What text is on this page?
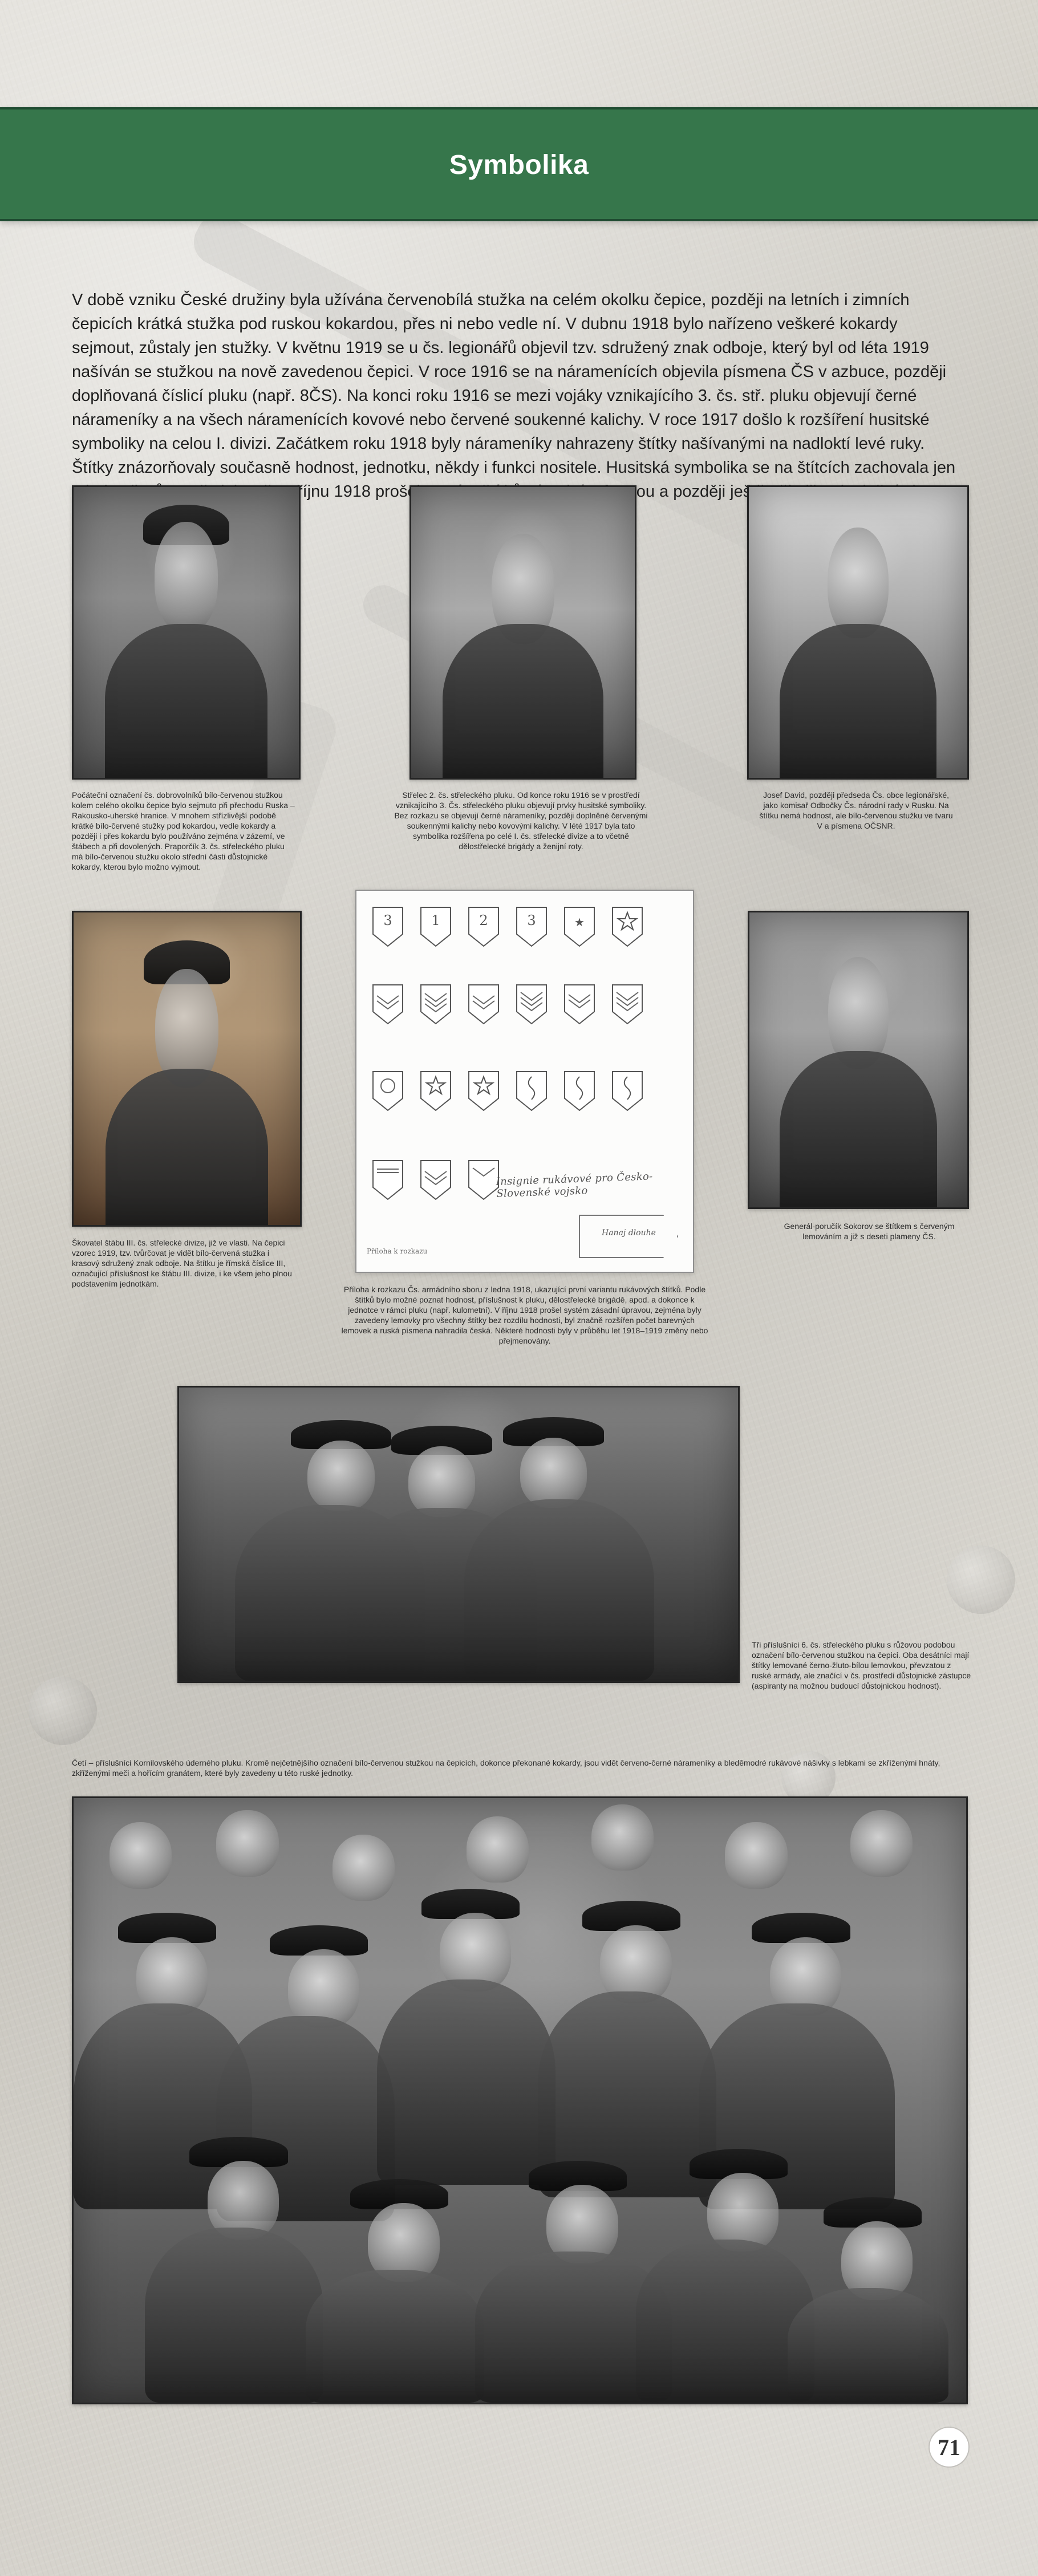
Symbolika
V době vzniku České družiny byla užívána červenobílá stužka na celém okolku čepice, později na letních i zimních čepicích krátká stužka pod ruskou kokardou, přes ni nebo vedle ní. V dubnu 1918 bylo nařízeno veškeré kokardy sejmout, zůstaly jen stužky. V květnu 1919 se u čs. legionářů objevil tzv. sdružený znak odboje, který byl od léta 1919 našíván se stužkou na nově zavedenou čepici. V roce 1916 se na náramenících objevila písmena ČS v azbuce, později doplňovaná číslicí pluku (např. 8ČS). Na konci roku 1916 se mezi vojáky vznikajícího 3. čs. stř. pluku objevují černé nárameníky a na všech náramenících kovové nebo červené soukenné kalichy. V roce 1917 došlo k rozšíření husitské symboliky na celou I. divizi. Začátkem roku 1918 byly nárameníky nahrazeny štítky našívanými na nadloktí levé ruky. Štítky znázorňovaly současně hodnost, jednotku, někdy i funkci nositele. Husitská symbolika se na štítcích zachovala jen říjnu 1918 prošel a později
Počáteční označení čs. dobrovolníků bílo-červenou stužkou kolem celého okolku čepice bylo sejmuto při přechodu Ruska – Rakousko-uherské hranice. V mnohem střízlivější podobě krátké bílo-červené stužky pod kokardou, vedle kokardy a později i přes kokardu bylo používáno zejména v zázemí, ve štábech a při dovolených. Praporčík 3. čs. střeleckého pluku má bílo-červenou stužku okolo střední části důstojnické kokardy, kterou bylo možno vyjmout.
Střelec 2. čs. střeleckého pluku. Od konce roku 1916 se v prostředí vznikajícího 3. Čs. střeleckého pluku objevují prvky husitské symboliky. Bez rozkazu se objevují černé nárameníky, později doplněné červenými soukennými kalichy nebo kovovými kalichy. V lété 1917 byla tato symbolika rozšířena po celé I. čs. střelecké divize a to včetně dělostřelecké brigády a ženijní roty.
Josef David, později předseda Čs. obce legionářské, jako komisař Odbočky Čs. národní rady v Rusku. Na štítku nemá hodnost, ale bílo-červenou stužku ve tvaru V a písmena OČSNR.
Škovatel štábu III. čs. střelecké divize, již ve vlasti. Na čepici vzorec 1919, tzv. tvůrčovat je vidět bílo-červená stužka i krasový sdružený znak odboje. Na štítku je římská číslice III, označující příslušnost ke štábu III. divize, i ke všem jeho plnou podstavením jednotkám.
Generál-poručík Sokorov se štítkem s červeným lemováním a již s deseti plameny ČS.
3	1	2	3	★
Hanaj dlouhe
Insignie rukávové pro Česko-Slovenské vojsko
Příloha k rozkazu
Příloha k rozkazu Čs. armádního sboru z ledna 1918, ukazující první variantu rukávových štítků. Podle štítků bylo možné poznat hodnost, příslušnost k pluku, dělostřelecké brigádě, apod. a dokonce k jednotce v rámci pluku (např. kulometní). V říjnu 1918 prošel systém zásadní úpravou, zejména byly zavedeny lemovky pro všechny štítky bez rozdílu hodnosti, byl značně rozšířen počet barevných lemovek a ruská písmena nahradila česká. Některé hodnosti byly v průběhu let 1918–1919 změny nebo přejmenovány.
Tři příslušníci 6. čs. střeleckého pluku s růžovou podobou označení bílo-červenou stužkou na čepici. Oba desátníci mají štítky lemované černo-žluto-bílou lemovkou, převzatou z ruské armády, ale značící v čs. prostředí důstojnické zástupce (aspiranty na možnou budoucí důstojnickou hodnost).
Četí – příslušníci Kornilovského úderného pluku. Kromě nejčetnějšího označení bílo-červenou stužkou na čepicích, dokonce překonané kokardy, jsou vidět červeno-černé nárameníky a bleděmodré rukávové nášivky s lebkami se zkříženými hnáty, zkříženými meči a hořícím granátem, které byly zavedeny u této ruské jednotky.
71
